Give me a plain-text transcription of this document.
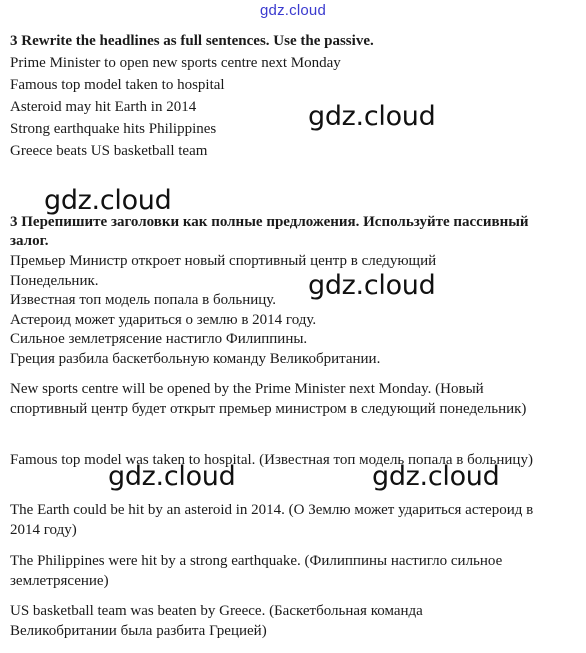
gdz.cloud
3 Rewrite the headlines as full sentences. Use the passive.
Prime Minister to open new sports centre next Monday
Famous top model taken to hospital
Asteroid may hit Earth in 2014
Strong earthquake hits Philippines
Greece beats US basketball team
3 Перепишите заголовки как полные предложения. Используйте пассивный залог.
Премьер Министр откроет новый спортивный центр в следующий Понедельник.
Известная топ модель попала в больницу.
Астероид может удариться о землю в 2014 году.
Сильное землетрясение настигло Филиппины.
Греция разбила баскетбольную команду Великобритании.
New sports centre will be opened by the Prime Minister next Monday. (Новый спортивный центр будет открыт премьер министром в следующий понедельник)
Famous top model was taken to hospital. (Известная топ модель попала в больницу)
The Earth could be hit by an asteroid in 2014. (О Землю может удариться астероид в 2014 году)
The Philippines were hit by a strong earthquake. (Филиппины настигло сильное землетрясение)
US basketball team was beaten by Greece. (Баскетбольная команда Великобритании была разбита Грецией)
gdz.cloud
gdz.cloud
gdz.cloud
gdz.cloud	gdz.cloud
